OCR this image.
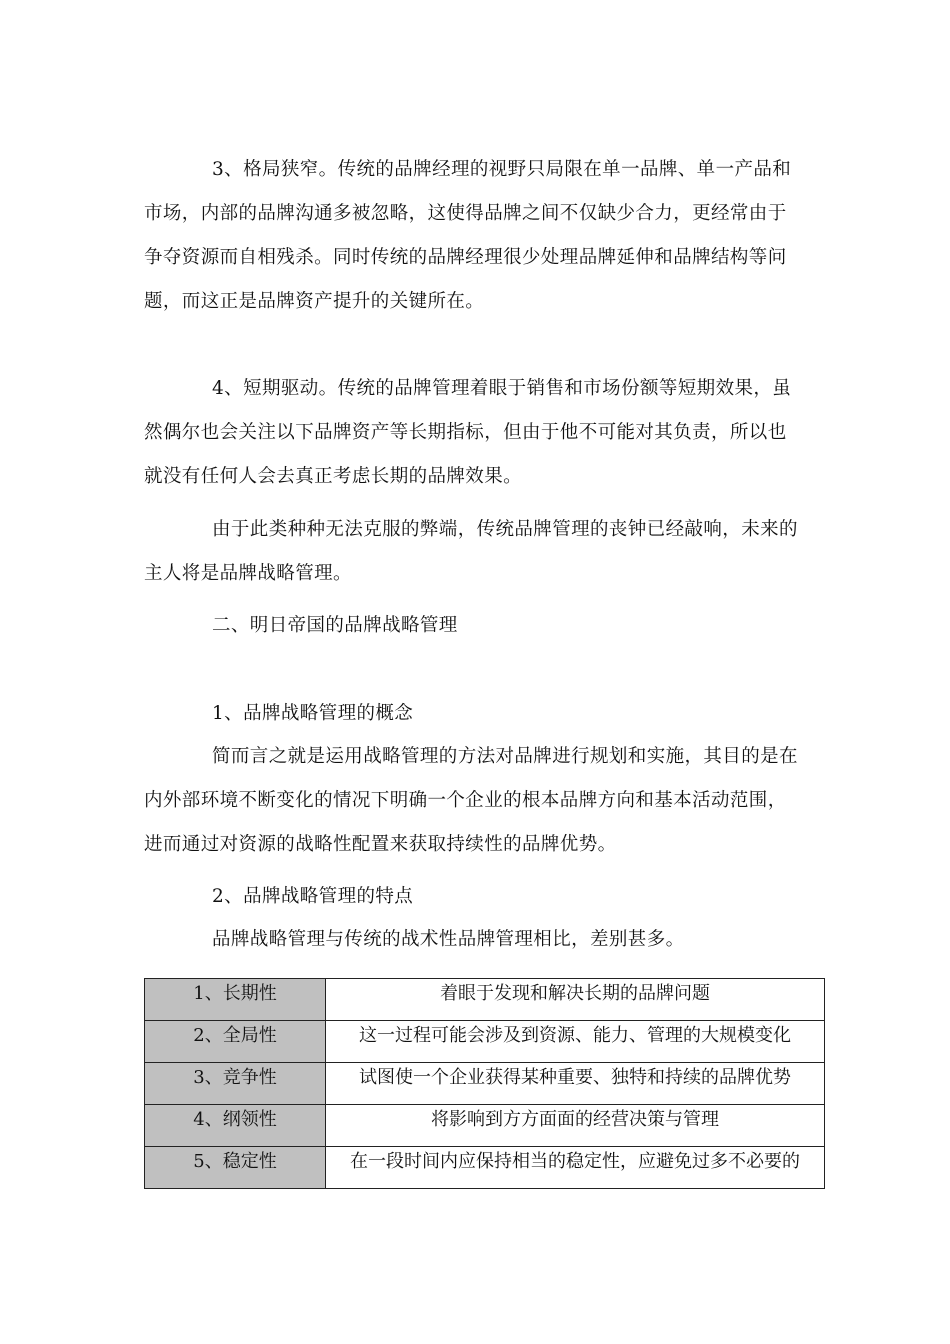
3、格局狭窄。传统的品牌经理的视野只局限在单一品牌、单一产品和
市场，内部的品牌沟通多被忽略，这使得品牌之间不仅缺少合力，更经常由于
争夺资源而自相残杀。同时传统的品牌经理很少处理品牌延伸和品牌结构等问
题，而这正是品牌资产提升的关键所在。
4、短期驱动。传统的品牌管理着眼于销售和市场份额等短期效果，虽
然偶尔也会关注以下品牌资产等长期指标，但由于他不可能对其负责，所以也
就没有任何人会去真正考虑长期的品牌效果。
由于此类种种无法克服的弊端，传统品牌管理的丧钟已经敲响，未来的
主人将是品牌战略管理。
二、明日帝国的品牌战略管理
1、品牌战略管理的概念
简而言之就是运用战略管理的方法对品牌进行规划和实施，其目的是在
内外部环境不断变化的情况下明确一个企业的根本品牌方向和基本活动范围，
进而通过对资源的战略性配置来获取持续性的品牌优势。
2、品牌战略管理的特点
品牌战略管理与传统的战术性品牌管理相比，差别甚多。
1、长期性	着眼于发现和解决长期的品牌问题
2、全局性	这一过程可能会涉及到资源、能力、管理的大规模变化
3、竞争性	试图使一个企业获得某种重要、独特和持续的品牌优势
4、纲领性	将影响到方方面面的经营决策与管理
5、稳定性	在一段时间内应保持相当的稳定性，应避免过多不必要的
